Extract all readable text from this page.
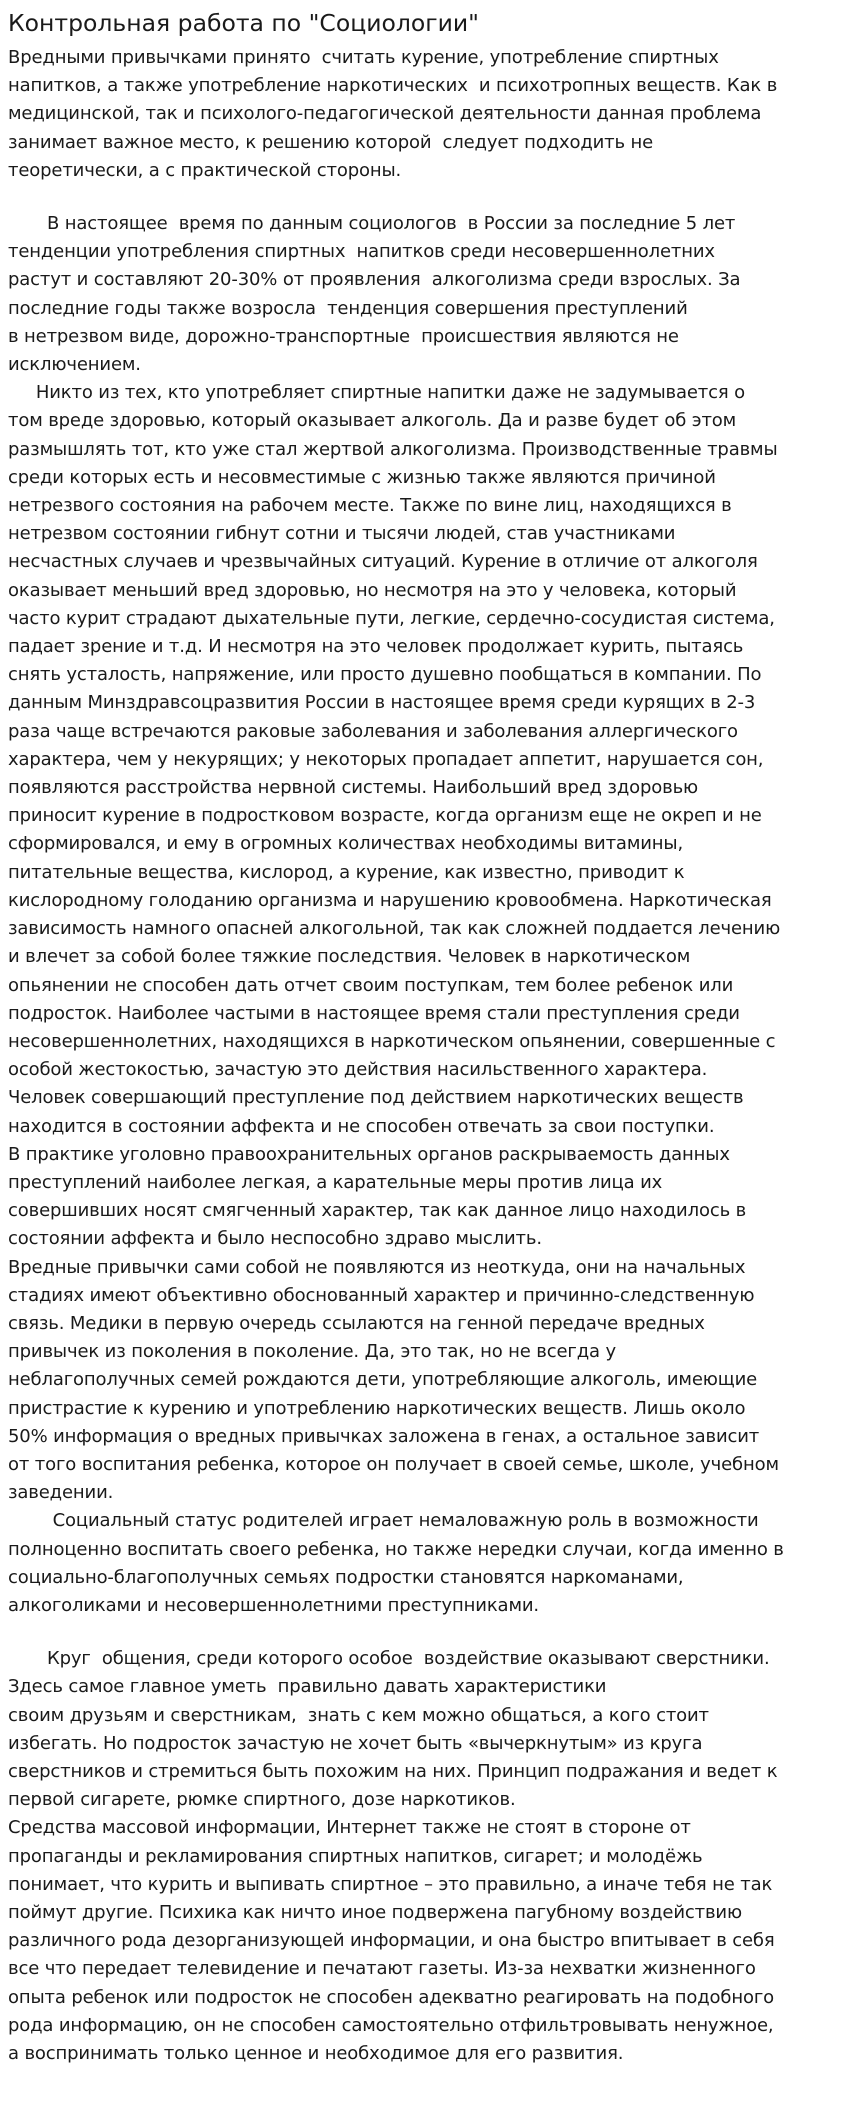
Контрольная работа по "Социологии"
Вредными привычками принято  считать курение, употребление спиртных
напитков, а также употребление наркотических  и психотропных веществ. Как в
медицинской, так и психолого-педагогической деятельности данная проблема
занимает важное место, к решению которой  следует подходить не
теоретически, а с практической стороны.
В настоящее  время по данным социологов  в России за последние 5 лет
тенденции употребления спиртных  напитков среди несовершеннолетних
растут и составляют 20-30% от проявления  алкоголизма среди взрослых. За
последние годы также возросла  тенденция совершения преступлений
в нетрезвом виде, дорожно-транспортные  происшествия являются не
исключением.
Никто из тех, кто употребляет спиртные напитки даже не задумывается о
том вреде здоровью, который оказывает алкоголь. Да и разве будет об этом
размышлять тот, кто уже стал жертвой алкоголизма. Производственные травмы
среди которых есть и несовместимые с жизнью также являются причиной
нетрезвого состояния на рабочем месте. Также по вине лиц, находящихся в
нетрезвом состоянии гибнут сотни и тысячи людей, став участниками
несчастных случаев и чрезвычайных ситуаций. Курение в отличие от алкоголя
оказывает меньший вред здоровью, но несмотря на это у человека, который
часто курит страдают дыхательные пути, легкие, сердечно-сосудистая система,
падает зрение и т.д. И несмотря на это человек продолжает курить, пытаясь
снять усталость, напряжение, или просто душевно пообщаться в компании. По
данным Минздравсоцразвития России в настоящее время среди курящих в 2-3
раза чаще встречаются раковые заболевания и заболевания аллергического
характера, чем у некурящих; у некоторых пропадает аппетит, нарушается сон,
появляются расстройства нервной системы. Наибольший вред здоровью
приносит курение в подростковом возрасте, когда организм еще не окреп и не
сформировался, и ему в огромных количествах необходимы витамины,
питательные вещества, кислород, а курение, как известно, приводит к
кислородному голоданию организма и нарушению кровообмена. Наркотическая
зависимость намного опасней алкогольной, так как сложней поддается лечению
и влечет за собой более тяжкие последствия. Человек в наркотическом
опьянении не способен дать отчет своим поступкам, тем более ребенок или
подросток. Наиболее частыми в настоящее время стали преступления среди
несовершеннолетних, находящихся в наркотическом опьянении, совершенные с
особой жестокостью, зачастую это действия насильственного характера.
Человек совершающий преступление под действием наркотических веществ
находится в состоянии аффекта и не способен отвечать за свои поступки.
В практике уголовно правоохранительных органов раскрываемость данных
преступлений наиболее легкая, а карательные меры против лица их
совершивших носят смягченный характер, так как данное лицо находилось в
состоянии аффекта и было неспособно здраво мыслить.
Вредные привычки сами собой не появляются из неоткуда, они на начальных
стадиях имеют объективно обоснованный характер и причинно-следственную
связь. Медики в первую очередь ссылаются на генной передаче вредных
привычек из поколения в поколение. Да, это так, но не всегда у
неблагополучных семей рождаются дети, употребляющие алкоголь, имеющие
пристрастие к курению и употреблению наркотических веществ. Лишь около
50% информация о вредных привычках заложена в генах, а остальное зависит
от того воспитания ребенка, которое он получает в своей семье, школе, учебном
заведении.
Социальный статус родителей играет немаловажную роль в возможности
полноценно воспитать своего ребенка, но также нередки случаи, когда именно в
социально-благополучных семьях подростки становятся наркоманами,
алкоголиками и несовершеннолетними преступниками.
Круг  общения, среди которого особое  воздействие оказывают сверстники.
Здесь самое главное уметь  правильно давать характеристики
своим друзьям и сверстникам,  знать с кем можно общаться, а кого стоит
избегать. Но подросток зачастую не хочет быть «вычеркнутым» из круга
сверстников и стремиться быть похожим на них. Принцип подражания и ведет к
первой сигарете, рюмке спиртного, дозе наркотиков.
Средства массовой информации, Интернет также не стоят в стороне от
пропаганды и рекламирования спиртных напитков, сигарет; и молодёжь
понимает, что курить и выпивать спиртное – это правильно, а иначе тебя не так
поймут другие. Психика как ничто иное подвержена пагубному воздействию
различного рода дезорганизующей информации, и она быстро впитывает в себя
все что передает телевидение и печатают газеты. Из-за нехватки жизненного
опыта ребенок или подросток не способен адекватно реагировать на подобного
рода информацию, он не способен самостоятельно отфильтровывать ненужное,
а воспринимать только ценное и необходимое для его развития.
